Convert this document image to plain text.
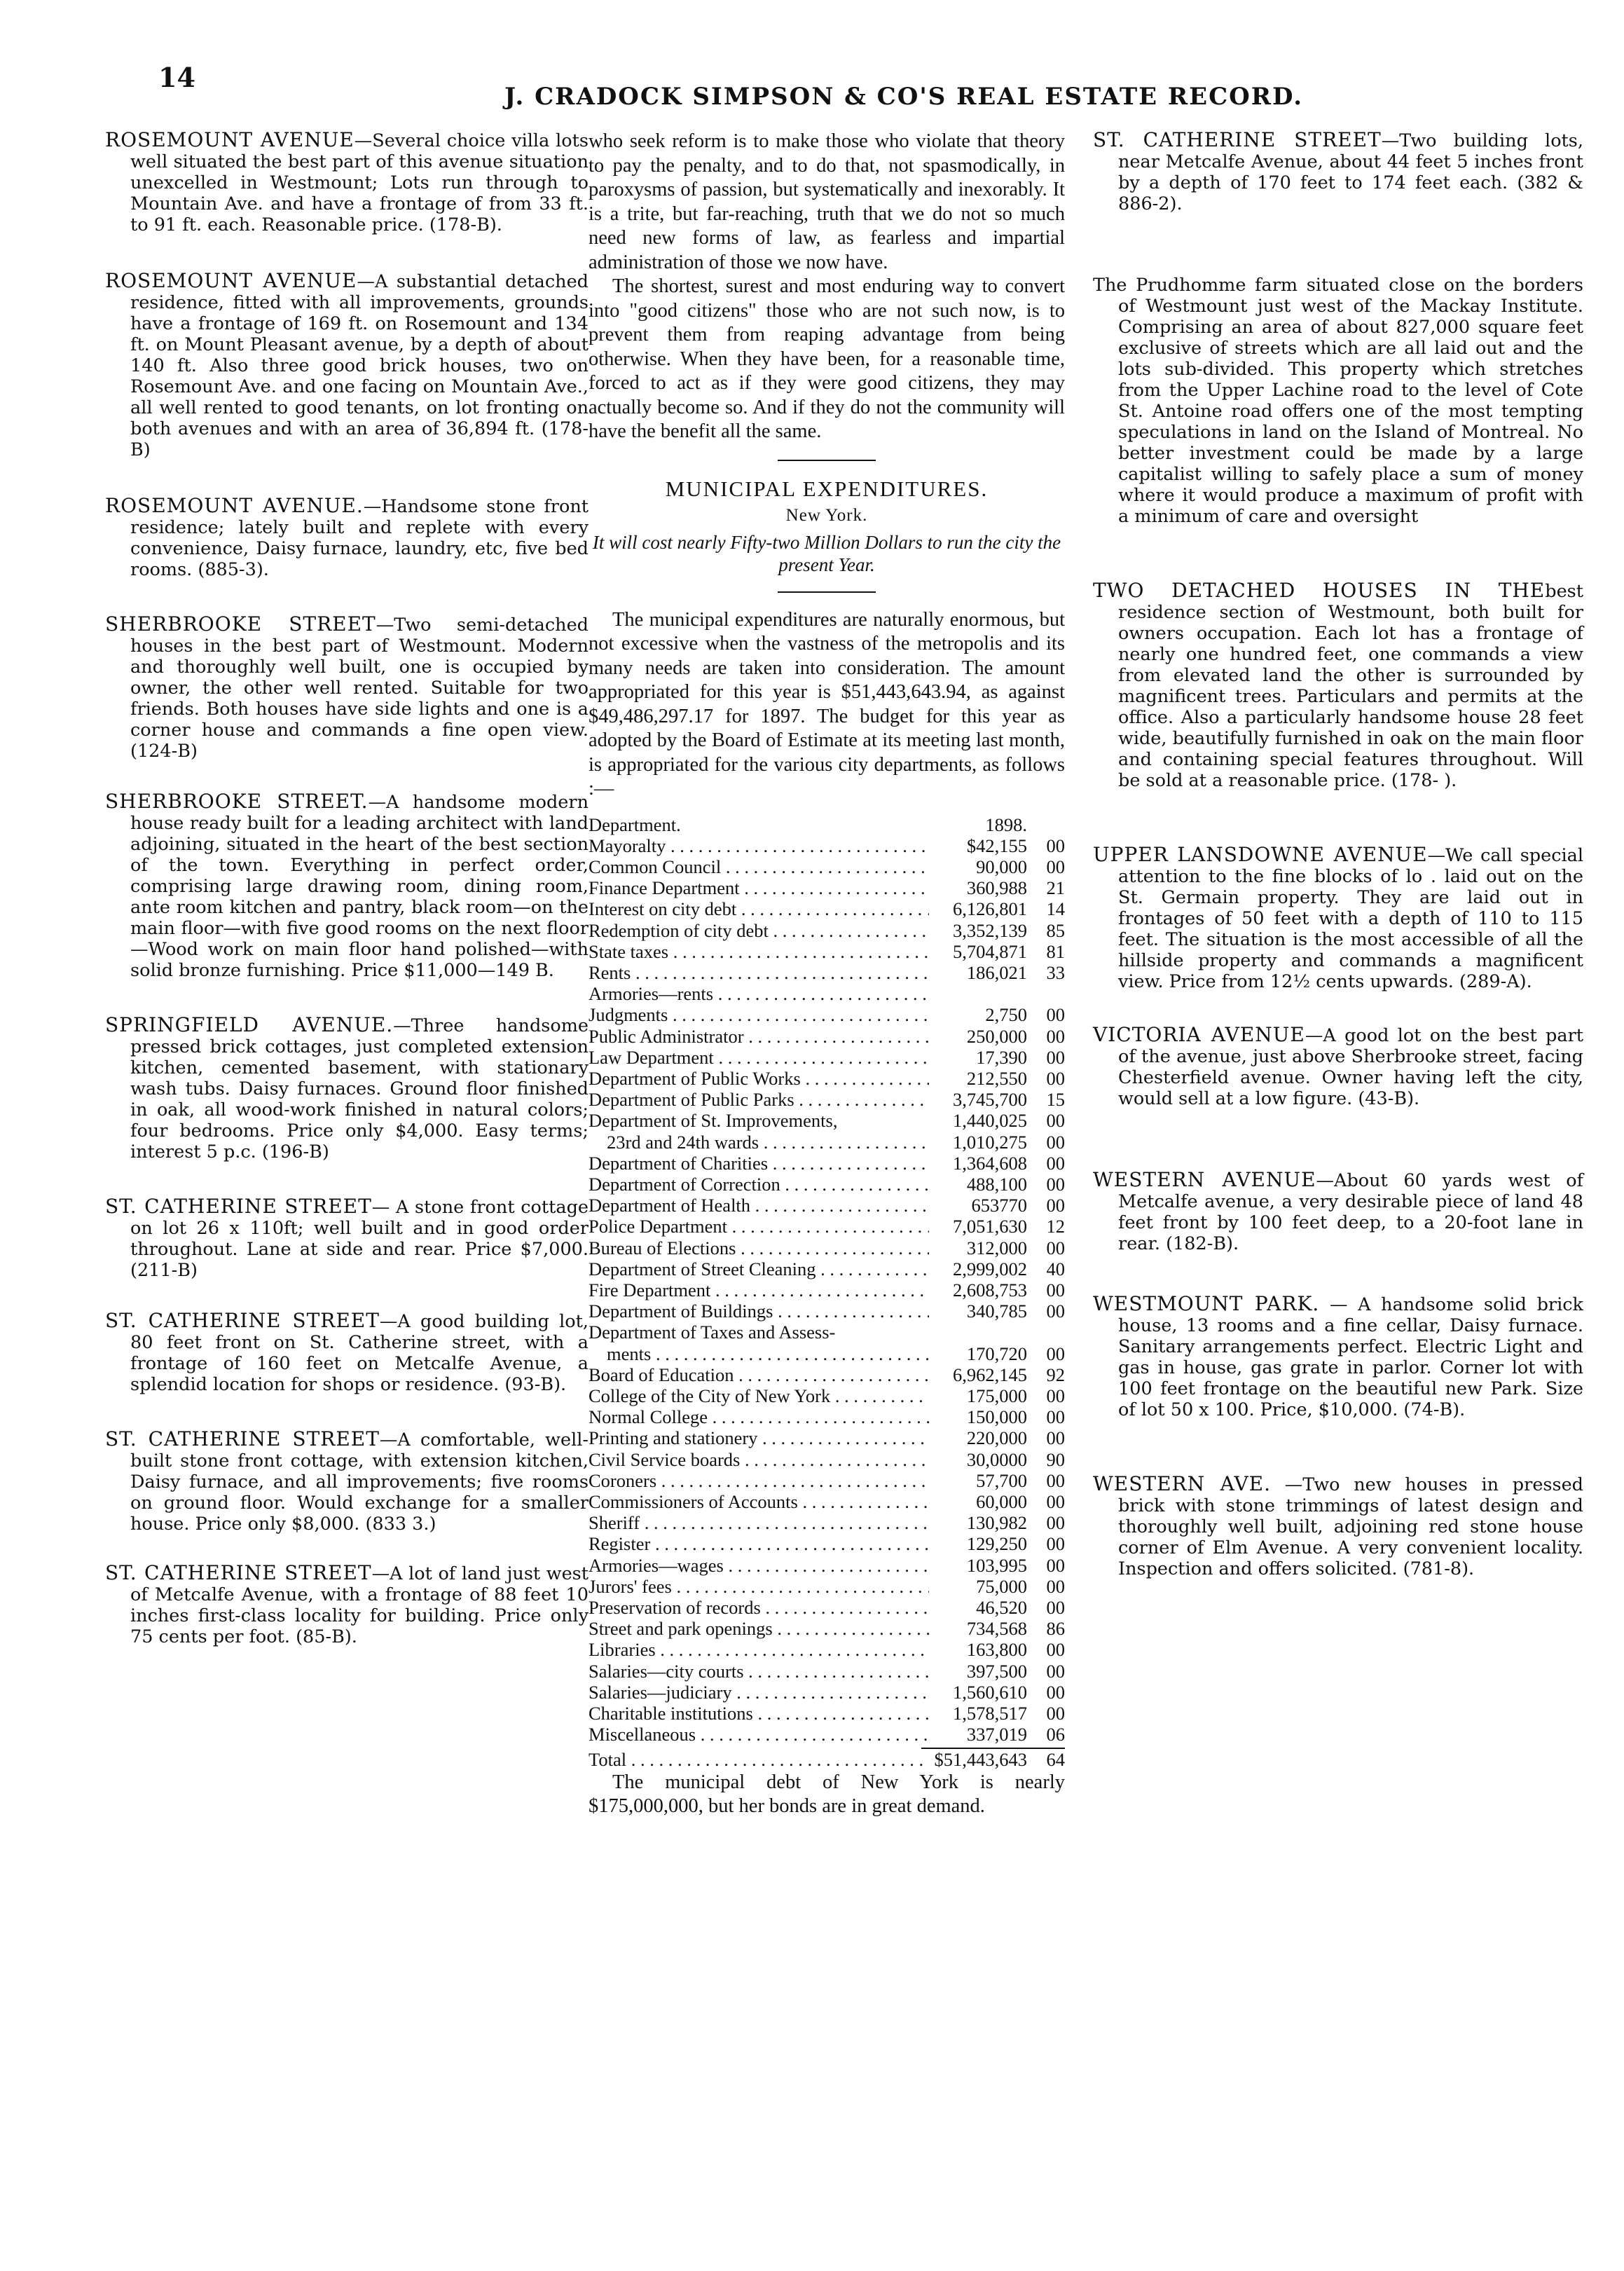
14
J. CRADOCK SIMPSON & CO'S REAL ESTATE RECORD.

ROSEMOUNT AVENUE—Several choice villa lots well situated the best part of this avenue situation unexcelled in Westmount; Lots run through to Mountain Ave. and have a frontage of from 33 ft. to 91 ft. each. Reasonable price. (178-B).

ROSEMOUNT AVENUE—A substantial detached residence, fitted with all improvements, grounds have a frontage of 169 ft. on Rosemount and 134 ft. on Mount Pleasant avenue, by a depth of about 140 ft. Also three good brick houses, two on Rosemount Ave. and one facing on Mountain Ave., all well rented to good tenants, on lot fronting on both avenues and with an area of 36,894 ft. (178-B)

ROSEMOUNT AVENUE.—Handsome stone front residence; lately built and replete with every convenience, Daisy furnace, laundry, etc, five bed rooms. (885-3).

SHERBROOKE STREET—Two semi-detached houses in the best part of Westmount. Modern and thoroughly well built, one is occupied by owner, the other well rented. Suitable for two friends. Both houses have side lights and one is a corner house and commands a fine open view. (124-B)

SHERBROOKE STREET.—A handsome modern house ready built for a leading architect with land adjoining, situated in the heart of the best section of the town. Everything in perfect order, comprising large drawing room, dining room, ante room kitchen and pantry, black room—on the main floor—with five good rooms on the next floor—Wood work on main floor hand polished—with solid bronze furnishing. Price $11,000—149 B.

SPRINGFIELD AVENUE.—Three handsome pressed brick cottages, just completed extension kitchen, cemented basement, with stationary wash tubs. Daisy furnaces. Ground floor finished in oak, all wood-work finished in natural colors; four bedrooms. Price only $4,000. Easy terms; interest 5 p.c. (196-B)

ST. CATHERINE STREET— A stone front cottage on lot 26 x 110ft; well built and in good order throughout. Lane at side and rear. Price $7,000. (211-B)

ST. CATHERINE STREET—A good building lot, 80 feet front on St. Catherine street, with a frontage of 160 feet on Metcalfe Avenue, a splendid location for shops or residence. (93-B).

ST. CATHERINE STREET—A comfortable, well-built stone front cottage, with extension kitchen, Daisy furnace, and all improvements; five rooms on ground floor. Would exchange for a smaller house. Price only $8,000. (833 3.)

ST. CATHERINE STREET—A lot of land just west of Metcalfe Avenue, with a frontage of 88 feet 10 inches first-class locality for building. Price only 75 cents per foot. (85-B).

who seek reform is to make those who violate that theory to pay the penalty, and to do that, not spasmodically, in paroxysms of passion, but systematically and inexorably. It is a trite, but far-reaching, truth that we do not so much need new forms of law, as fearless and impartial administration of those we now have.

The shortest, surest and most enduring way to convert into "good citizens" those who are not such now, is to prevent them from reaping advantage from being otherwise. When they have been, for a reasonable time, forced to act as if they were good citizens, they may actually become so. And if they do not the community will have the benefit all the same.

MUNICIPAL EXPENDITURES.
New York.
It will cost nearly Fifty-two Million Dollars to run the city the present Year.

The municipal expenditures are naturally enormous, but not excessive when the vastness of the metropolis and its many needs are taken into consideration. The amount appropriated for this year is $51,443,643.94, as against $49,486,297.17 for 1897. The budget for this year as adopted by the Board of Estimate at its meeting last month, is appropriated for the various city departments, as follows :—

Department.	1898.
Mayoralty . . .	$42,155	00
Common Council . . .	90,000	00
Finance Department . . .	360,988	21
Interest on city debt . . .	6,126,801	14
Redemption of city debt . . .	3,352,139	85
State taxes . . .	5,704,871	81
Rents . . .	186,021	33
Armories—rents . . .
Judgments . . .	2,750	00
Public Administrator . . .	250,000	00
Law Department . . .	17,390	00
Department of Public Works . . .	212,550	00
Department of Public Parks . . .	3,745,700	15
Department of St. Improvements,	1,440,025	00
23rd and 24th wards . . .	1,010,275	00
Department of Charities . . .	1,364,608	00
Department of Correction . . .	488,100	00
Department of Health . . .	653770	00
Police Department . . .	7,051,630	12
Bureau of Elections . . .	312,000	00
Department of Street Cleaning . . .	2,999,002	40
Fire Department . . .	2,608,753	00
Department of Buildings . . .	340,785	00
Department of Taxes and Assess-
ments . . .	170,720	00
Board of Education . . .	6,962,145	92
College of the City of New York . . .	175,000	00
Normal College . . .	150,000	00
Printing and stationery . . .	220,000	00
Civil Service boards . . .	30,0000	90
Coroners . . .	57,700	00
Commissioners of Accounts . . .	60,000	00
Sheriff . . .	130,982	00
Register . . .	129,250	00
Armories—wages . . .	103,995	00
Jurors' fees . . .	75,000	00
Preservation of records . . .	46,520	00
Street and park openings . . .	734,568	86
Libraries . . .	163,800	00
Salaries—city courts . . .	397,500	00
Salaries—judiciary . . .	1,560,610	00
Charitable institutions . . .	1,578,517	00
Miscellaneous . . .	337,019	06
Total . . .	$51,443,643	64

The municipal debt of New York is nearly $175,000,000, but her bonds are in great demand.

ST. CATHERINE STREET—Two building lots, near Metcalfe Avenue, about 44 feet 5 inches front by a depth of 170 feet to 174 feet each. (382 & 886-2).

The Prudhomme farm situated close on the borders of Westmount just west of the Mackay Institute. Comprising an area of about 827,000 square feet exclusive of streets which are all laid out and the lots sub-divided. This property which stretches from the Upper Lachine road to the level of Cote St. Antoine road offers one of the most tempting speculations in land on the Island of Montreal. No better investment could be made by a large capitalist willing to safely place a sum of money where it would produce a maximum of profit with a minimum of care and oversight

TWO DETACHED HOUSES IN THEbest residence section of Westmount, both built for owners occupation. Each lot has a frontage of nearly one hundred feet, one commands a view from elevated land the other is surrounded by magnificent trees. Particulars and permits at the office. Also a particularly handsome house 28 feet wide, beautifully furnished in oak on the main floor and containing special features throughout. Will be sold at a reasonable price. (178- ).

UPPER LANSDOWNE AVENUE—We call special attention to the fine blocks of lo . laid out on the St. Germain property. They are laid out in frontages of 50 feet with a depth of 110 to 115 feet. The situation is the most accessible of all the hillside property and commands a magnificent view. Price from 12½ cents upwards. (289-A).

VICTORIA AVENUE—A good lot on the best part of the avenue, just above Sherbrooke street, facing Chesterfield avenue. Owner having left the city, would sell at a low figure. (43-B).

WESTERN AVENUE—About 60 yards west of Metcalfe avenue, a very desirable piece of land 48 feet front by 100 feet deep, to a 20-foot lane in rear. (182-B).

WESTMOUNT PARK. — A handsome solid brick house, 13 rooms and a fine cellar, Daisy furnace. Sanitary arrangements perfect. Electric Light and gas in house, gas grate in parlor. Corner lot with 100 feet frontage on the beautiful new Park. Size of lot 50 x 100. Price, $10,000. (74-B).

WESTERN AVE. —Two new houses in pressed brick with stone trimmings of latest design and thoroughly well built, adjoining red stone house corner of Elm Avenue. A very convenient locality. Inspection and offers solicited. (781-8).
